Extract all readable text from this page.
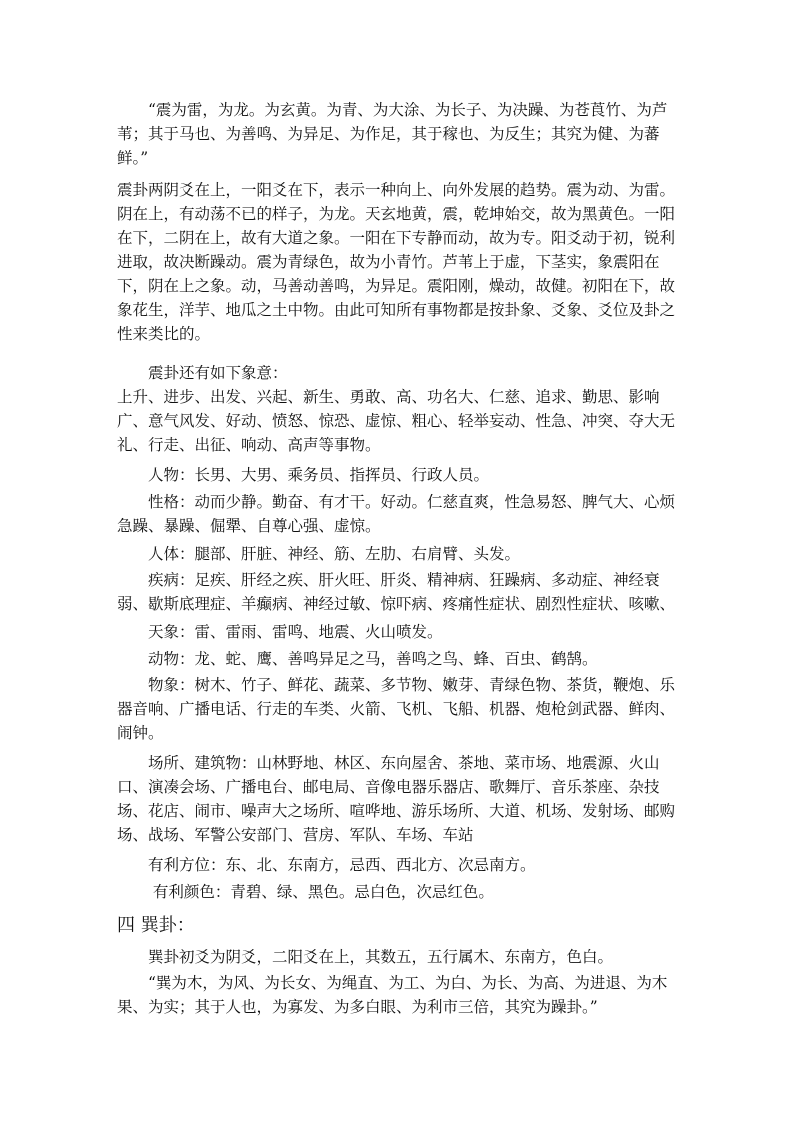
　　“震为雷，为龙。为玄黄。为青、为大涂、为长子、为决躁、为苍莨竹、为芦苇；其于马也、为善鸣、为异足、为作足，其于稼也、为反生；其究为健、为蕃鲜。”
震卦两阴爻在上，一阳爻在下，表示一种向上、向外发展的趋势。震为动、为雷。阴在上，有动荡不已的样子，为龙。天玄地黄，震，乾坤始交，故为黑黄色。一阳在下，二阴在上，故有大道之象。一阳在下专静而动，故为专。阳爻动于初，锐利进取，故决断躁动。震为青绿色，故为小青竹。芦苇上于虚，下茎实，象震阳在下，阴在上之象。动，马善动善鸣，为异足。震阳刚，燥动，故健。初阳在下，故象花生，洋芋、地瓜之土中物。由此可知所有事物都是按卦象、爻象、爻位及卦之性来类比的。
　　震卦还有如下象意：
上升、进步、出发、兴起、新生、勇敢、高、功名大、仁慈、追求、勤思、影响广、意气风发、好动、愤怒、惊恐、虚惊、粗心、轻举妄动、性急、冲突、夺大无礼、行走、出征、响动、高声等事物。
　　人物：长男、大男、乘务员、指挥员、行政人员。
　　性格：动而少静。勤奋、有才干。好动。仁慈直爽，性急易怒、脾气大、心烦急躁、暴躁、倔犟、自尊心强、虚惊。
　　人体：腿部、肝脏、神经、筋、左肋、右肩臂、头发。
　　疾病：足疾、肝经之疾、肝火旺、肝炎、精神病、狂躁病、多动症、神经衰弱、歇斯底理症、羊癫病、神经过敏、惊吓病、疼痛性症状、剧烈性症状、咳嗽、
　　天象：雷、雷雨、雷鸣、地震、火山喷发。
　　动物：龙、蛇、鹰、善鸣异足之马，善鸣之鸟、蜂、百虫、鹤鹄。
　　物象：树木、竹子、鲜花、蔬菜、多节物、嫩芽、青绿色物、茶货，鞭炮、乐器音响、广播电话、行走的车类、火箭、飞机、飞船、机器、炮枪剑武器、鲜肉、闹钟。
　　场所、建筑物：山林野地、林区、东向屋舍、茶地、菜市场、地震源、火山口、演凑会场、广播电台、邮电局、音像电器乐器店、歌舞厅、音乐茶座、杂技场、花店、闹市、噪声大之场所、喧哗地、游乐场所、大道、机场、发射场、邮购场、战场、军警公安部门、营房、军队、车场、车站
　　有利方位：东、北、东南方，忌西、西北方、次忌南方。
　　 有利颜色：青碧、绿、黑色。忌白色，次忌红色。
四 巽卦：
　　巽卦初爻为阴爻，二阳爻在上，其数五，五行属木、东南方，色白。
　　“巽为木，为风、为长女、为绳直、为工、为白、为长、为高、为进退、为木果、为实；其于人也，为寡发、为多白眼、为利市三倍，其究为躁卦。”
